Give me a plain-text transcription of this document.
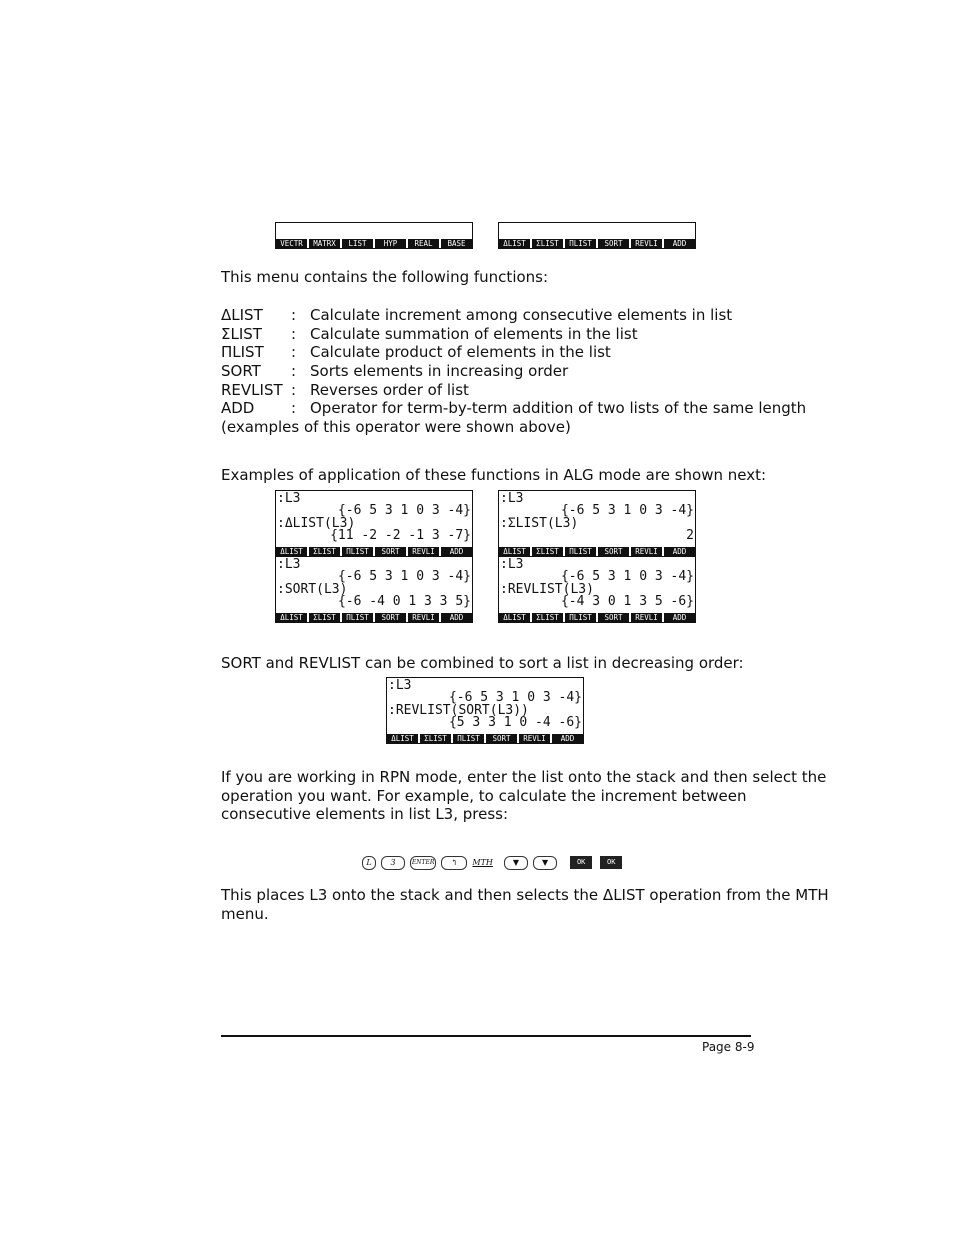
VECTR	MATRX	LIST	HYP	REAL	BASE	ΔLIST	ΣLIST	ΠLIST	SORT	REVLI	ADD
This menu contains the following functions:
ΔLIST : Calculate increment among consecutive elements in list
ΣLIST : Calculate summation of elements in the list
ΠLIST : Calculate product of elements in the list
SORT : Sorts elements in increasing order
REVLIST : Reverses order of list
ADD : Operator for term-by-term addition of two lists of the same length
(examples of this operator were shown above)
Examples of application of these functions in ALG mode are shown next:
:L3
{-6 5 3 1 0 3 -4}
:ΔLIST(L3)
{11 -2 -2 -1 3 -7}
ΔLIST	ΣLIST	ΠLIST	SORT	REVLI	ADD
:L3
{-6 5 3 1 0 3 -4}
:ΣLIST(L3)
2
ΔLIST	ΣLIST	ΠLIST	SORT	REVLI	ADD
:L3
{-6 5 3 1 0 3 -4}
:SORT(L3)
{-6 -4 0 1 3 3 5}
ΔLIST	ΣLIST	ΠLIST	SORT	REVLI	ADD
:L3
{-6 5 3 1 0 3 -4}
:REVLIST(L3)
{-4 3 0 1 3 5 -6}
ΔLIST	ΣLIST	ΠLIST	SORT	REVLI	ADD
SORT and REVLIST can be combined to sort a list in decreasing order:
:L3
{-6 5 3 1 0 3 -4}
:REVLIST(SORT(L3))
{5 3 3 1 0 -4 -6}
ΔLIST	ΣLIST	ΠLIST	SORT	REVLI	ADD
If you are working in RPN mode, enter the list onto the stack and then select the
operation you want. For example, to calculate the increment between
consecutive elements in list L3, press:
L 3	ENTER ↰ MTH	▼	▼	OK	OK
This places L3 onto the stack and then selects the ΔLIST operation from the MTH
menu.
Page 8-9
